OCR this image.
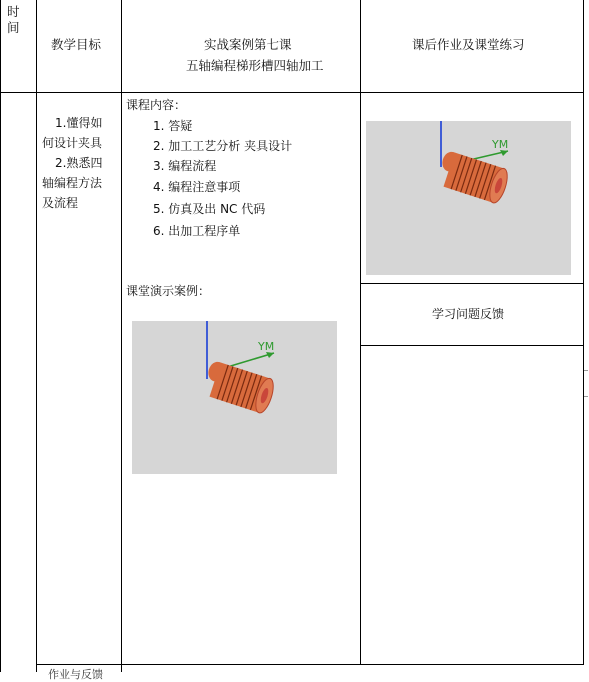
时
间
教学目标	实战案例第七课
五轴编程梯形槽四轴加工
课后作业及课堂练习
1.懂得如
何设计夹具
2.熟悉四
轴编程方法
及流程
课程内容：
1. 答疑
2. 加工工艺分析 夹具设计
3. 编程流程
4. 编程注意事项
5. 仿真及出 NC 代码
6. 出加工程序单
课堂演示案例：
YM
YM
学习问题反馈
作业与反馈
